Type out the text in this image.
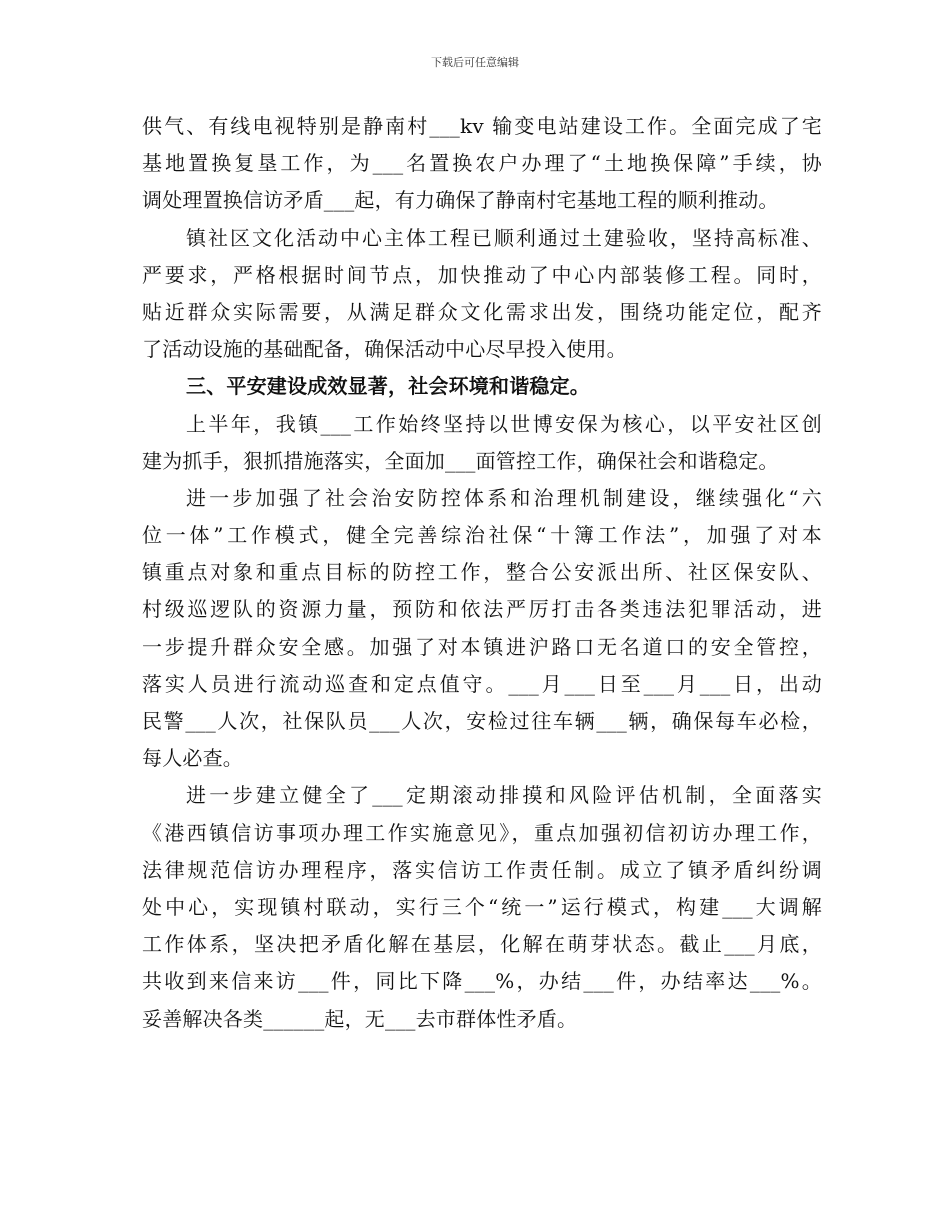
下载后可任意编辑
供气、有线电视特别是静南村___kv 输变电站建设工作。全面完成了宅
基地置换复垦工作，为___名置换农户办理了“土地换保障”手续，协
调处理置换信访矛盾___起，有力确保了静南村宅基地工程的顺利推动。
镇社区文化活动中心主体工程已顺利通过土建验收，坚持高标准、
严要求，严格根据时间节点，加快推动了中心内部装修工程。同时，
贴近群众实际需要，从满足群众文化需求出发，围绕功能定位，配齐
了活动设施的基础配备，确保活动中心尽早投入使用。
三、平安建设成效显著，社会环境和谐稳定。
上半年，我镇___工作始终坚持以世博安保为核心，以平安社区创
建为抓手，狠抓措施落实，全面加___面管控工作，确保社会和谐稳定。
进一步加强了社会治安防控体系和治理机制建设，继续强化“六
位一体”工作模式，健全完善综治社保“十簿工作法”，加强了对本
镇重点对象和重点目标的防控工作，整合公安派出所、社区保安队、
村级巡逻队的资源力量，预防和依法严厉打击各类违法犯罪活动，进
一步提升群众安全感。加强了对本镇进沪路口无名道口的安全管控，
落实人员进行流动巡查和定点值守。___月___日至___月___日，出动
民警___人次，社保队员___人次，安检过往车辆___辆，确保每车必检，
每人必查。
进一步建立健全了___定期滚动排摸和风险评估机制，全面落实
《港西镇信访事项办理工作实施意见》，重点加强初信初访办理工作，
法律规范信访办理程序，落实信访工作责任制。成立了镇矛盾纠纷调
处中心，实现镇村联动，实行三个“统一”运行模式，构建___大调解
工作体系，坚决把矛盾化解在基层，化解在萌芽状态。截止___月底，
共收到来信来访___件，同比下降___%，办结___件，办结率达___%。
妥善解决各类______起，无___去市群体性矛盾。
